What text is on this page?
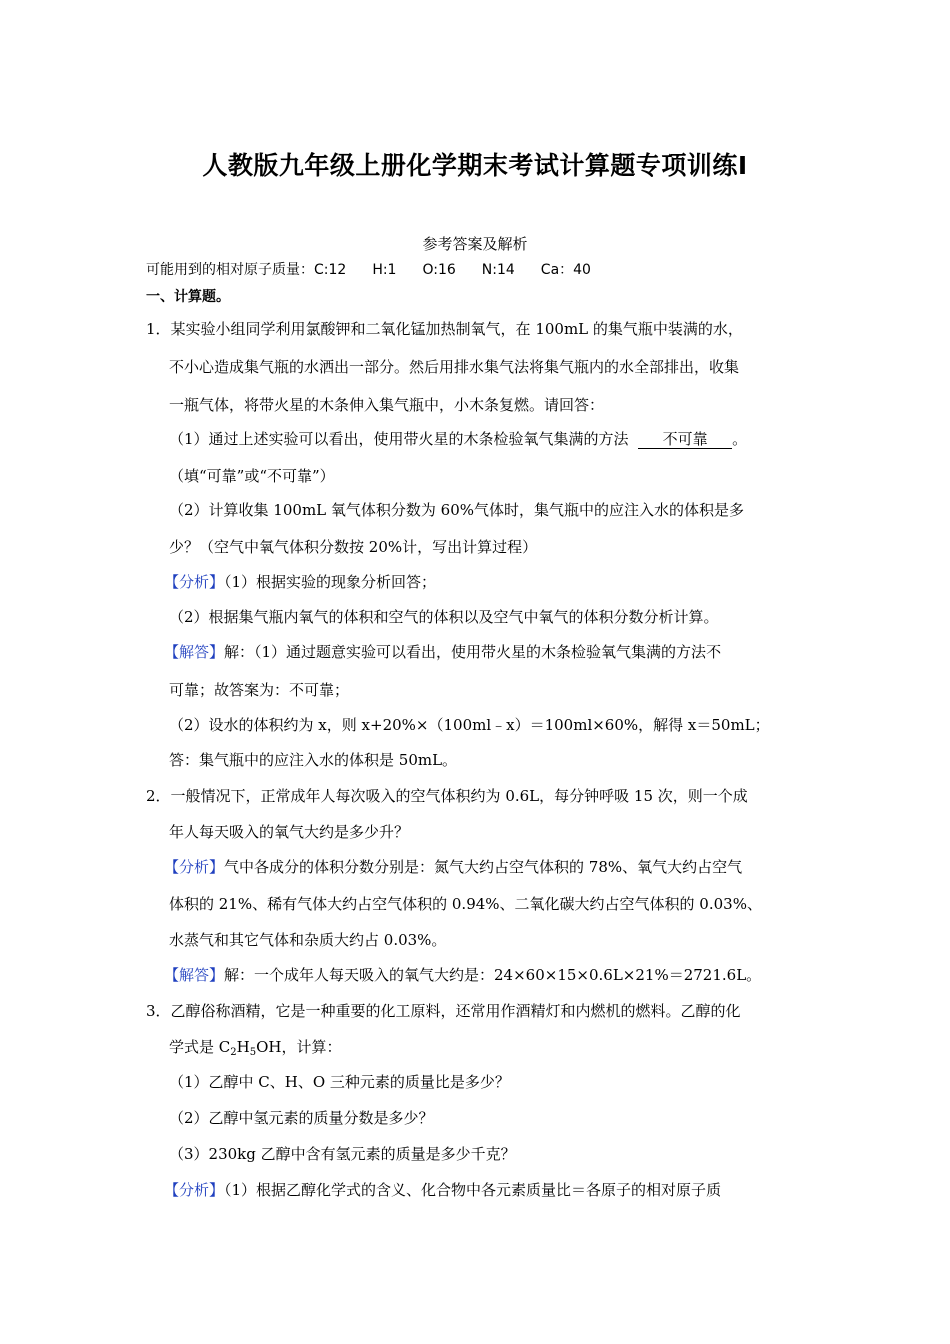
人教版九年级上册化学期末考试计算题专项训练Ⅰ
参考答案及解析
可能用到的相对原子质量：C:12 H:1 O:16 N:14 Ca：40
一、计算题。
1．某实验小组同学利用氯酸钾和二氧化锰加热制氧气，在 100mL 的集气瓶中装满的水，
不小心造成集气瓶的水洒出一部分。然后用排水集气法将集气瓶内的水全部排出，收集
一瓶气体，将带火星的木条伸入集气瓶中，小木条复燃。请回答：
（1）通过上述实验可以看出，使用带火星的木条检验氧气集满的方法 不可靠 。
（填“可靠”或“不可靠”）
（2）计算收集 100mL 氧气体积分数为 60%气体时，集气瓶中的应注入水的体积是多
少？（空气中氧气体积分数按 20%计，写出计算过程）
【分析】（1）根据实验的现象分析回答；
（2）根据集气瓶内氧气的体积和空气的体积以及空气中氧气的体积分数分析计算。
【解答】解：（1）通过题意实验可以看出，使用带火星的木条检验氧气集满的方法不
可靠；故答案为：不可靠；
（2）设水的体积约为 x，则 x+20%×（100ml﹣x）＝100ml×60%，解得 x＝50mL；
答：集气瓶中的应注入水的体积是 50mL。
2．一般情况下，正常成年人每次吸入的空气体积约为 0.6L，每分钟呼吸 15 次，则一个成
年人每天吸入的氧气大约是多少升？
【分析】气中各成分的体积分数分别是：氮气大约占空气体积的 78%、氧气大约占空气
体积的 21%、稀有气体大约占空气体积的 0.94%、二氧化碳大约占空气体积的 0.03%、
水蒸气和其它气体和杂质大约占 0.03%。
【解答】解：一个成年人每天吸入的氧气大约是：24×60×15×0.6L×21%＝2721.6L。
3．乙醇俗称酒精，它是一种重要的化工原料，还常用作酒精灯和内燃机的燃料。乙醇的化
学式是 $C_2H_5OH$，计算：
（1）乙醇中 C、H、O 三种元素的质量比是多少？
（2）乙醇中氢元素的质量分数是多少？
（3）230kg 乙醇中含有氢元素的质量是多少千克？
【分析】（1）根据乙醇化学式的含义、化合物中各元素质量比＝各原子的相对原子质
